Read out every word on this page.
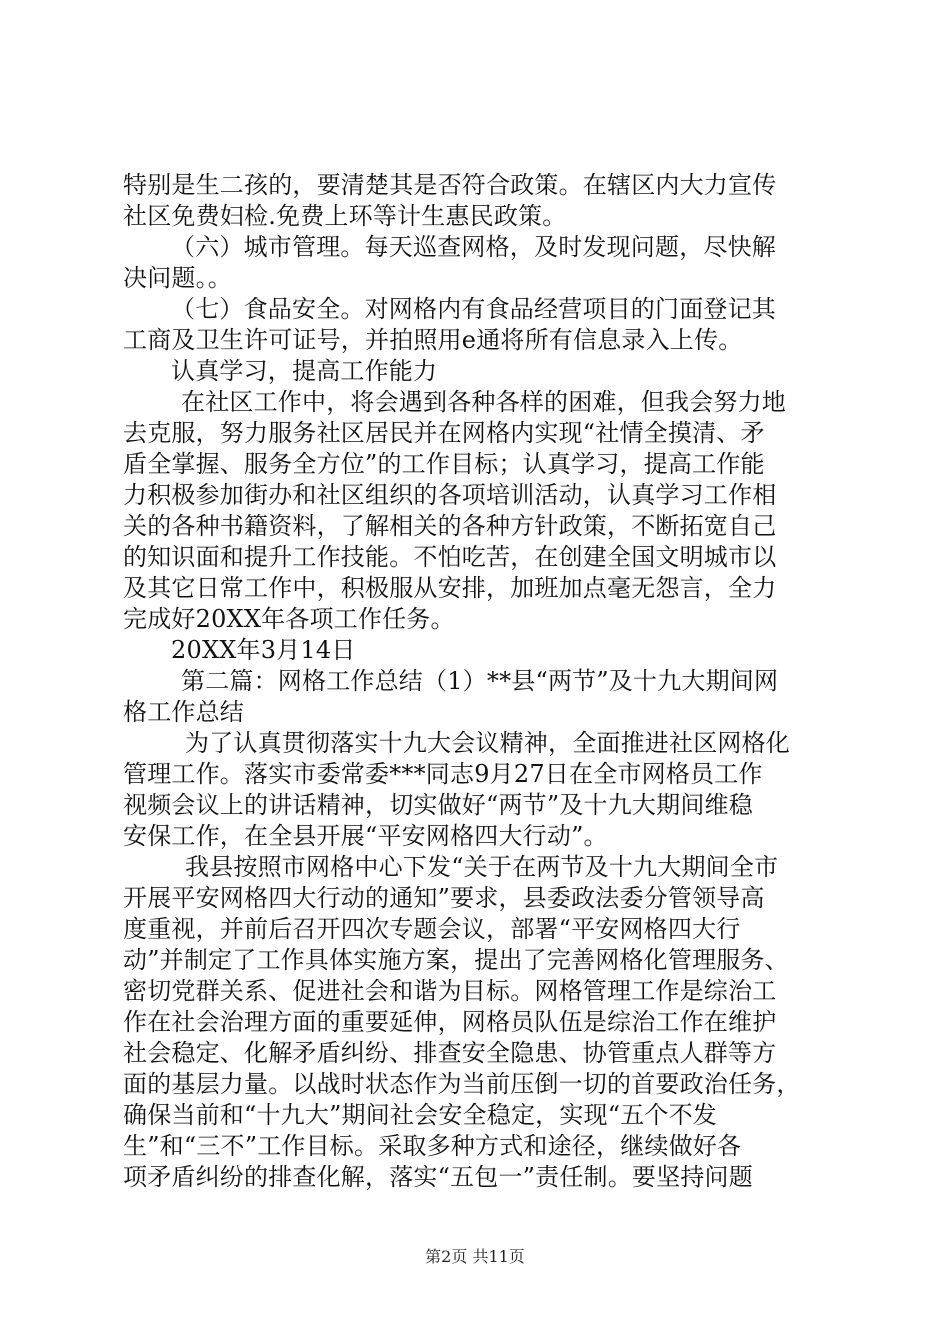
特别是生二孩的，要清楚其是否符合政策。在辖区内大力宣传
社区免费妇检.免费上环等计生惠民政策。
（六）城市管理。每天巡查网格，及时发现问题，尽快解
决问题。。
（七）食品安全。对网格内有食品经营项目的门面登记其
工商及卫生许可证号，并拍照用e通将所有信息录入上传。
认真学习，提高工作能力
在社区工作中，将会遇到各种各样的困难，但我会努力地
去克服，努力服务社区居民并在网格内实现“社情全摸清、矛
盾全掌握、服务全方位”的工作目标；认真学习，提高工作能
力积极参加街办和社区组织的各项培训活动，认真学习工作相
关的各种书籍资料，了解相关的各种方针政策，不断拓宽自己
的知识面和提升工作技能。不怕吃苦，在创建全国文明城市以
及其它日常工作中，积极服从安排，加班加点毫无怨言，全力
完成好20XX年各项工作任务。
20XX年3月14日
第二篇：网格工作总结（1）**县“两节”及十九大期间网
格工作总结
为了认真贯彻落实十九大会议精神，全面推进社区网格化
管理工作。落实市委常委***同志9月27日在全市网格员工作
视频会议上的讲话精神，切实做好“两节”及十九大期间维稳
安保工作，在全县开展“平安网格四大行动”。
我县按照市网格中心下发“关于在两节及十九大期间全市
开展平安网格四大行动的通知”要求，县委政法委分管领导高
度重视，并前后召开四次专题会议，部署“平安网格四大行
动”并制定了工作具体实施方案，提出了完善网格化管理服务、
密切党群关系、促进社会和谐为目标。网格管理工作是综治工
作在社会治理方面的重要延伸，网格员队伍是综治工作在维护
社会稳定、化解矛盾纠纷、排查安全隐患、协管重点人群等方
面的基层力量。以战时状态作为当前压倒一切的首要政治任务，
确保当前和“十九大”期间社会安全稳定，实现“五个不发
生”和“三不”工作目标。采取多种方式和途径，继续做好各
项矛盾纠纷的排查化解，落实“五包一”责任制。要坚持问题
第2页 共11页
